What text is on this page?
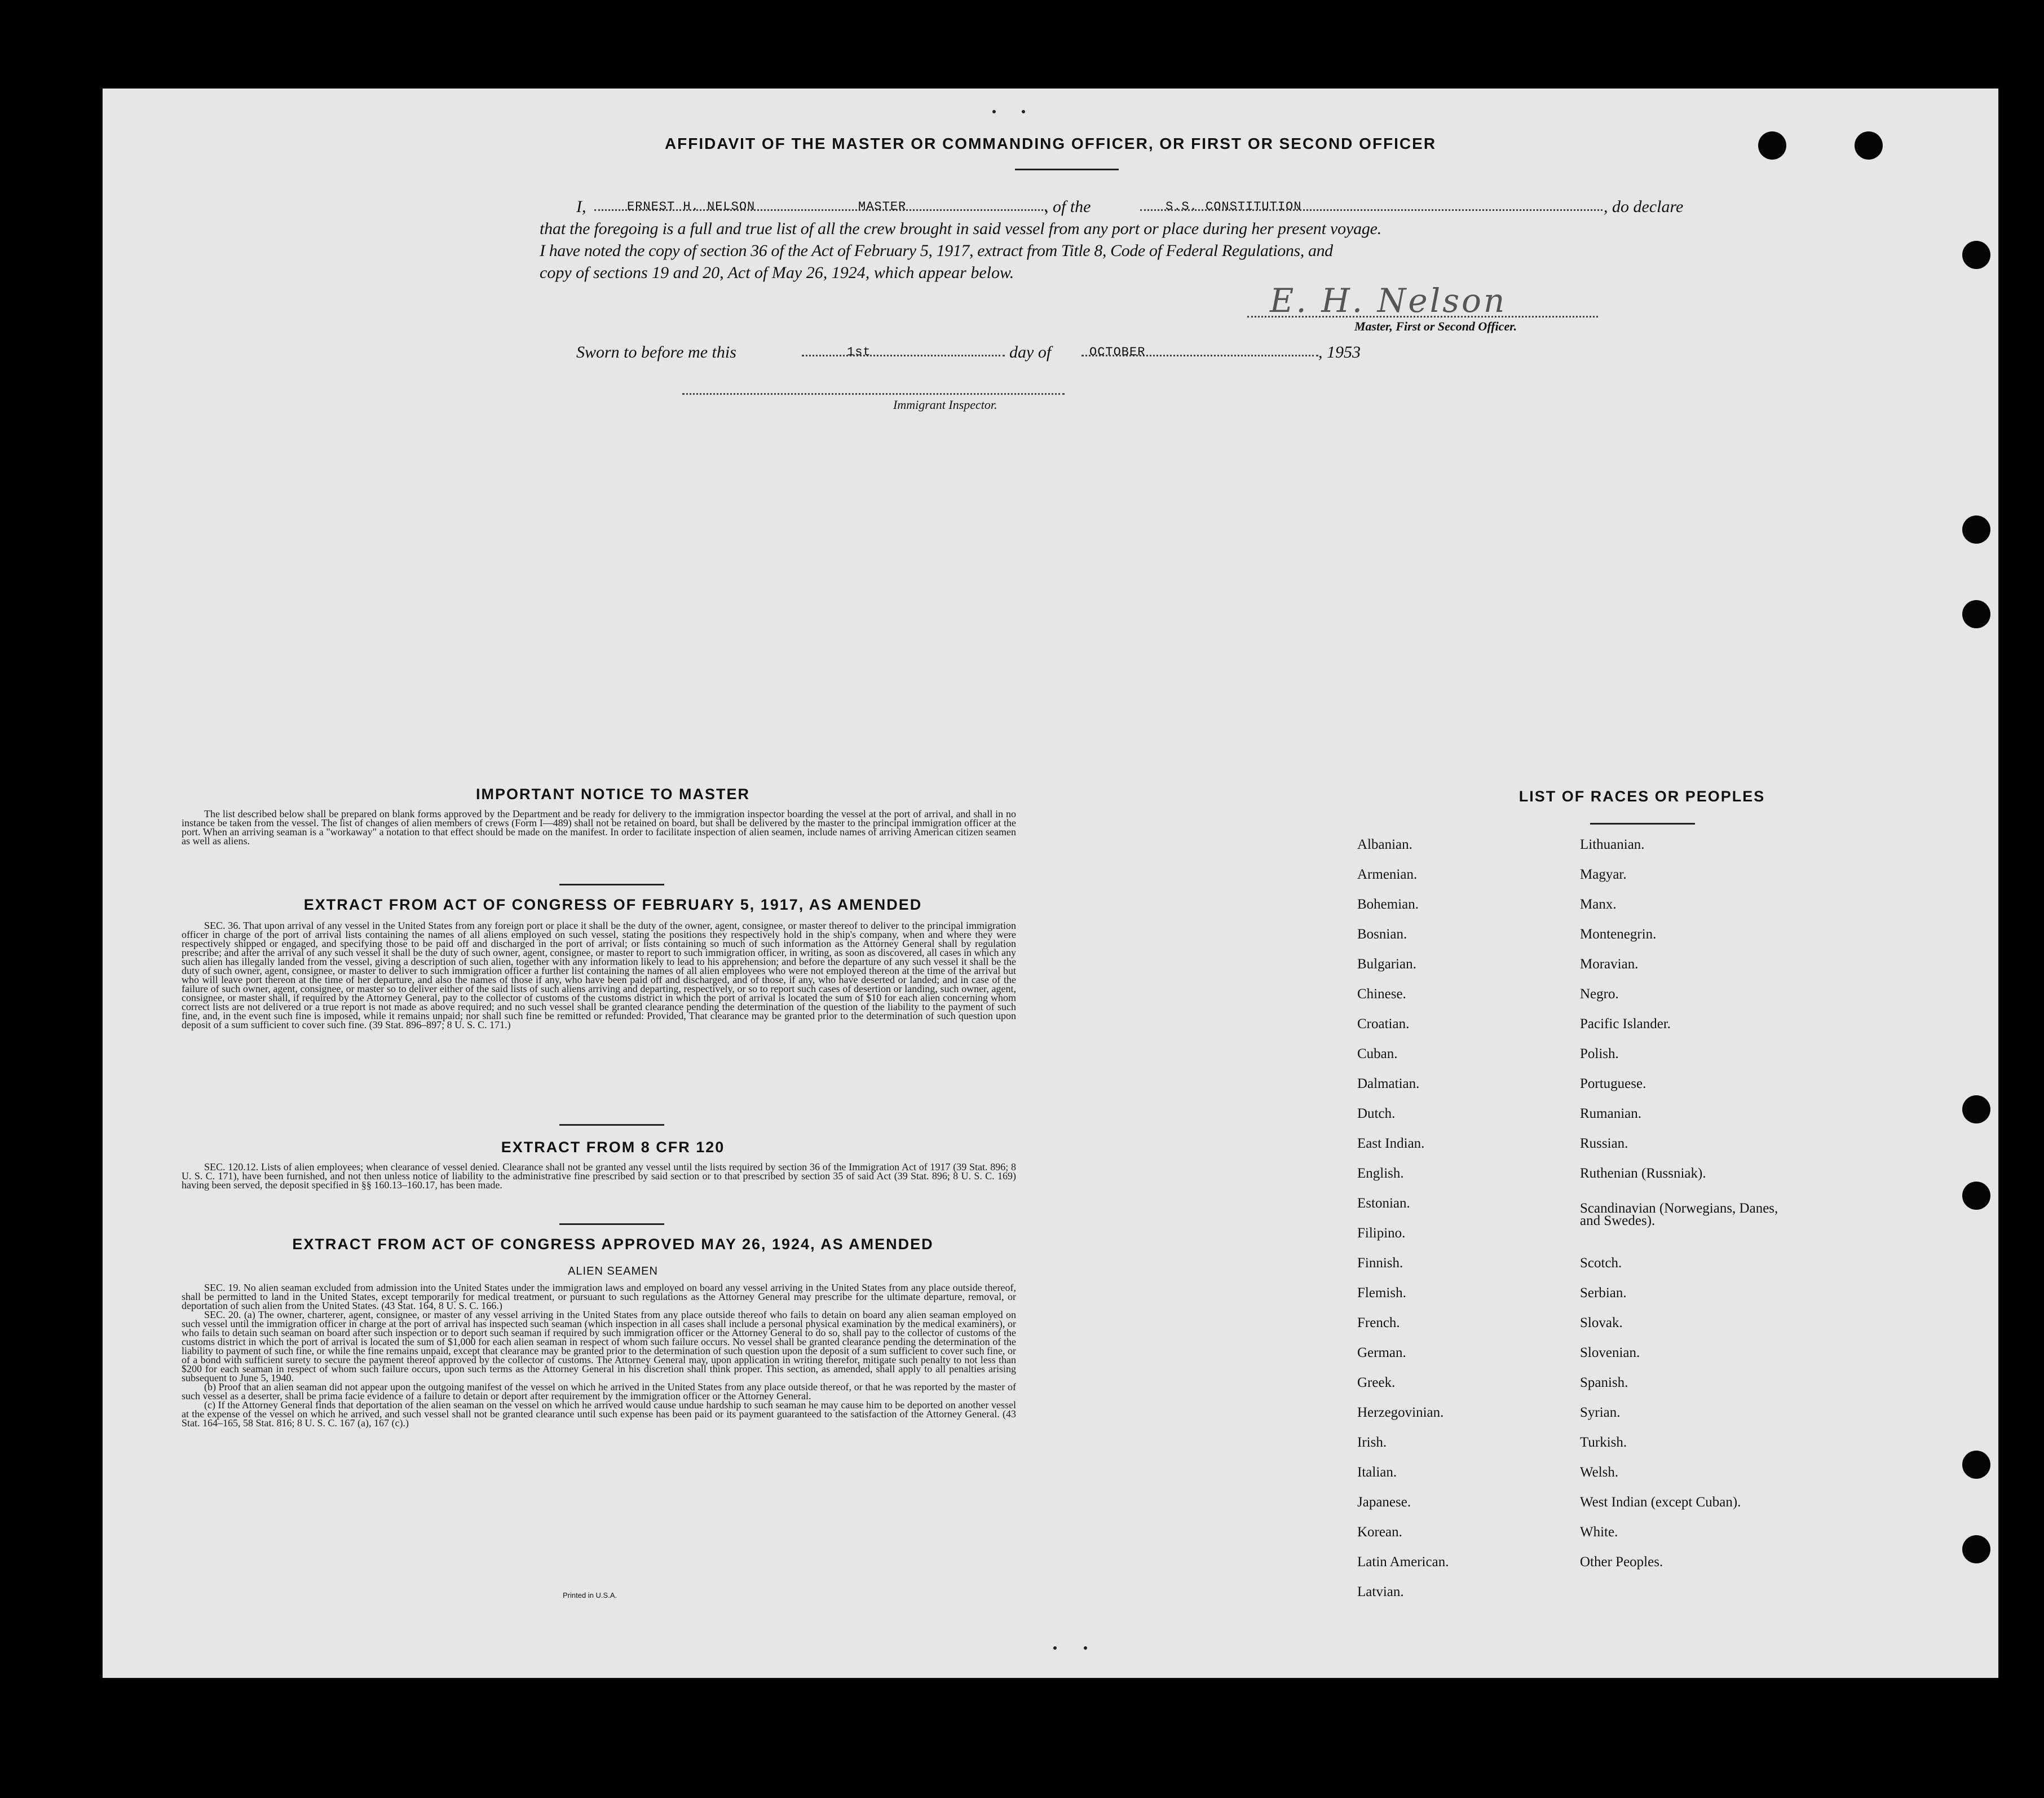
AFFIDAVIT OF THE MASTER OR COMMANDING OFFICER, OR FIRST OR SECOND OFFICER
I,	ERNEST H. NELSON	MASTER	, of the	S.S. CONSTITUTION	, do declare
that the foregoing is a full and true list of all the crew brought in said vessel from any port or place during her present voyage.
I have noted the copy of section 36 of the Act of February 5, 1917, extract from Title 8, Code of Federal Regulations, and
copy of sections 19 and 20, Act of May 26, 1924, which appear below.
E. H. Nelson
Master, First or Second Officer.
Sworn to before me this	1st	day of	OCTOBER	, 1953
Immigrant Inspector.
IMPORTANT NOTICE TO MASTER

The list described below shall be prepared on blank forms approved by the Department and be ready for delivery to the immigration inspector boarding the vessel at the port of arrival, and shall in no instance be taken from the vessel. The list of changes of alien members of crews (Form I—489) shall not be retained on board, but shall be delivered by the master to the principal immigration officer at the port. When an arriving seaman is a "workaway" a notation to that effect should be made on the manifest. In order to facilitate inspection of alien seamen, include names of arriving American citizen seamen as well as aliens.

EXTRACT FROM ACT OF CONGRESS OF FEBRUARY 5, 1917, AS AMENDED

SEC. 36. That upon arrival of any vessel in the United States from any foreign port or place it shall be the duty of the owner, agent, consignee, or master thereof to deliver to the principal immigration officer in charge of the port of arrival lists containing the names of all aliens employed on such vessel, stating the positions they respectively hold in the ship's company, when and where they were respectively shipped or engaged, and specifying those to be paid off and discharged in the port of arrival; or lists containing so much of such information as the Attorney General shall by regulation prescribe; and after the arrival of any such vessel it shall be the duty of such owner, agent, consignee, or master to report to such immigration officer, in writing, as soon as discovered, all cases in which any such alien has illegally landed from the vessel, giving a description of such alien, together with any information likely to lead to his apprehension; and before the departure of any such vessel it shall be the duty of such owner, agent, consignee, or master to deliver to such immigration officer a further list containing the names of all alien employees who were not employed thereon at the time of the arrival but who will leave port thereon at the time of her departure, and also the names of those if any, who have been paid off and discharged, and of those, if any, who have deserted or landed; and in case of the failure of such owner, agent, consignee, or master so to deliver either of the said lists of such aliens arriving and departing, respectively, or so to report such cases of desertion or landing, such owner, agent, consignee, or master shall, if required by the Attorney General, pay to the collector of customs of the customs district in which the port of arrival is located the sum of $10 for each alien concerning whom correct lists are not delivered or a true report is not made as above required; and no such vessel shall be granted clearance pending the determination of the question of the liability to the payment of such fine, and, in the event such fine is imposed, while it remains unpaid; nor shall such fine be remitted or refunded: Provided, That clearance may be granted prior to the determination of such question upon deposit of a sum sufficient to cover such fine. (39 Stat. 896–897; 8 U. S. C. 171.)

EXTRACT FROM 8 CFR 120

SEC. 120.12. Lists of alien employees; when clearance of vessel denied. Clearance shall not be granted any vessel until the lists required by section 36 of the Immigration Act of 1917 (39 Stat. 896; 8 U. S. C. 171), have been furnished, and not then unless notice of liability to the administrative fine prescribed by said section or to that prescribed by section 35 of said Act (39 Stat. 896; 8 U. S. C. 169) having been served, the deposit specified in §§ 160.13–160.17, has been made.

EXTRACT FROM ACT OF CONGRESS APPROVED MAY 26, 1924, AS AMENDED
ALIEN SEAMEN

SEC. 19. No alien seaman excluded from admission into the United States under the immigration laws and employed on board any vessel arriving in the United States from any place outside thereof, shall be permitted to land in the United States, except temporarily for medical treatment, or pursuant to such regulations as the Attorney General may prescribe for the ultimate departure, removal, or deportation of such alien from the United States. (43 Stat. 164, 8 U. S. C. 166.)

SEC. 20. (a) The owner, charterer, agent, consignee, or master of any vessel arriving in the United States from any place outside thereof who fails to detain on board any alien seaman employed on such vessel until the immigration officer in charge at the port of arrival has inspected such seaman (which inspection in all cases shall include a personal physical examination by the medical examiners), or who fails to detain such seaman on board after such inspection or to deport such seaman if required by such immigration officer or the Attorney General to do so, shall pay to the collector of customs of the customs district in which the port of arrival is located the sum of $1,000 for each alien seaman in respect of whom such failure occurs. No vessel shall be granted clearance pending the determination of the liability to payment of such fine, or while the fine remains unpaid, except that clearance may be granted prior to the determination of such question upon the deposit of a sum sufficient to cover such fine, or of a bond with sufficient surety to secure the payment thereof approved by the collector of customs. The Attorney General may, upon application in writing therefor, mitigate such penalty to not less than $200 for each seaman in respect of whom such failure occurs, upon such terms as the Attorney General in his discretion shall think proper. This section, as amended, shall apply to all penalties arising subsequent to June 5, 1940.

(b) Proof that an alien seaman did not appear upon the outgoing manifest of the vessel on which he arrived in the United States from any place outside thereof, or that he was reported by the master of such vessel as a deserter, shall be prima facie evidence of a failure to detain or deport after requirement by the immigration officer or the Attorney General.

(c) If the Attorney General finds that deportation of the alien seaman on the vessel on which he arrived would cause undue hardship to such seaman he may cause him to be deported on another vessel at the expense of the vessel on which he arrived, and such vessel shall not be granted clearance until such expense has been paid or its payment guaranteed to the satisfaction of the Attorney General. (43 Stat. 164–165, 58 Stat. 816; 8 U. S. C. 167 (a), 167 (c).)

Printed in U.S.A.
LIST OF RACES OR PEOPLES
Albanian.
Armenian.
Bohemian.
Bosnian.
Bulgarian.
Chinese.
Croatian.
Cuban.
Dalmatian.
Dutch.
East Indian.
English.
Estonian.
Filipino.
Finnish.
Flemish.
French.
German.
Greek.
Herzegovinian.
Irish.
Italian.
Japanese.
Korean.
Latin American.
Latvian.
Lithuanian.
Magyar.
Manx.
Montenegrin.
Moravian.
Negro.
Pacific Islander.
Polish.
Portuguese.
Rumanian.
Russian.
Ruthenian (Russniak).
Scandinavian (Norwegians, Danes, and Swedes).
Scotch.
Serbian.
Slovak.
Slovenian.
Spanish.
Syrian.
Turkish.
Welsh.
West Indian (except Cuban).
White.
Other Peoples.
